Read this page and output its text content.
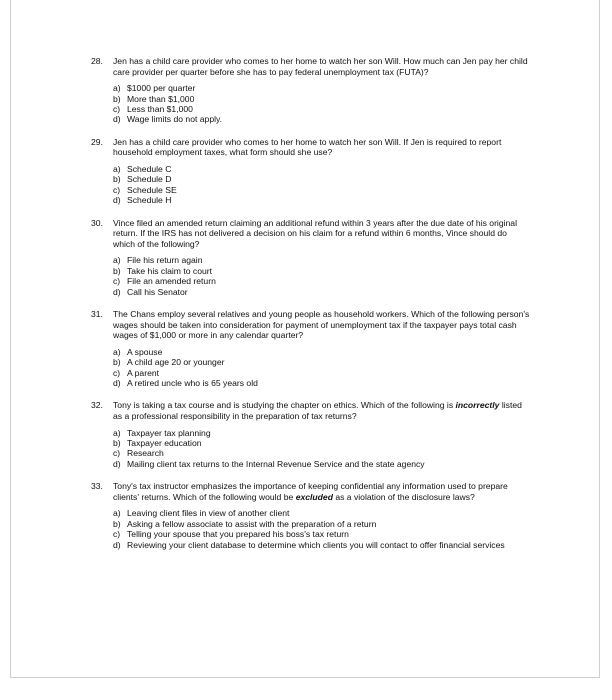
28.	Jen has a child care provider who comes to her home to watch her son Will. How much can Jen pay her child care provider per quarter before she has to pay federal unemployment tax (FUTA)?
a) $1000 per quarter
b) More than $1,000
c) Less than $1,000
d) Wage limits do not apply.
29.	Jen has a child care provider who comes to her home to watch her son Will. If Jen is required to report household employment taxes, what form should she use?
a) Schedule C
b) Schedule D
c) Schedule SE
d) Schedule H
30.	Vince filed an amended return claiming an additional refund within 3 years after the due date of his original return. If the IRS has not delivered a decision on his claim for a refund within 6 months, Vince should do which of the following?
a) File his return again
b) Take his claim to court
c) File an amended return
d) Call his Senator
31.	The Chans employ several relatives and young people as household workers. Which of the following person's wages should be taken into consideration for payment of unemployment tax if the taxpayer pays total cash wages of $1,000 or more in any calendar quarter?
a) A spouse
b) A child age 20 or younger
c) A parent
d) A retired uncle who is 65 years old
32.	Tony is taking a tax course and is studying the chapter on ethics. Which of the following is incorrectly listed as a professional responsibility in the preparation of tax returns?
a) Taxpayer tax planning
b) Taxpayer education
c) Research
d) Mailing client tax returns to the Internal Revenue Service and the state agency
33.	Tony's tax instructor emphasizes the importance of keeping confidential any information used to prepare clients' returns. Which of the following would be excluded as a violation of the disclosure laws?
a) Leaving client files in view of another client
b) Asking a fellow associate to assist with the preparation of a return
c) Telling your spouse that you prepared his boss's tax return
d) Reviewing your client database to determine which clients you will contact to offer financial services
